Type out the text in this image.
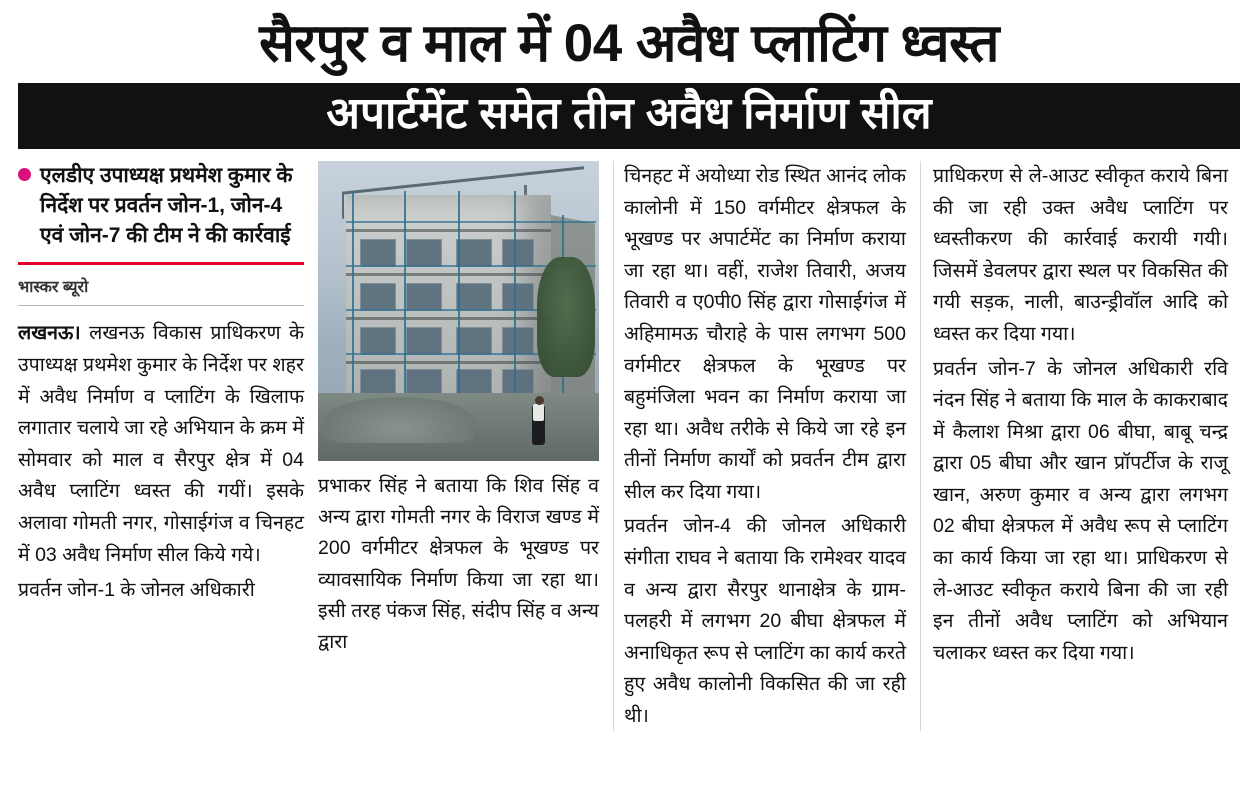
सैरपुर व माल में 04 अवैध प्लाटिंग ध्वस्त
अपार्टमेंट समेत तीन अवैध निर्माण सील
एलडीए उपाध्यक्ष प्रथमेश कुमार के निर्देश पर प्रवर्तन जोन-1, जोन-4 एवं जोन-7 की टीम ने की कार्रवाई
भास्कर ब्यूरो

लखनऊ। लखनऊ विकास प्राधिकरण के उपाध्यक्ष प्रथमेश कुमार के निर्देश पर शहर में अवैध निर्माण व प्लाटिंग के खिलाफ लगातार चलाये जा रहे अभियान के क्रम में सोमवार को माल व सैरपुर क्षेत्र में 04 अवैध प्लाटिंग ध्वस्त की गयीं। इसके अलावा गोमती नगर, गोसाईगंज व चिनहट में 03 अवैध निर्माण सील किये गये।

प्रवर्तन जोन-1 के जोनल अधिकारी

प्रभाकर सिंह ने बताया कि शिव सिंह व अन्य द्वारा गोमती नगर के विराज खण्ड में 200 वर्गमीटर क्षेत्रफल के भूखण्ड पर व्यावसायिक निर्माण किया जा रहा था। इसी तरह पंकज सिंह, संदीप सिंह व अन्य द्वारा

चिनहट में अयोध्या रोड स्थित आनंद लोक कालोनी में 150 वर्गमीटर क्षेत्रफल के भूखण्ड पर अपार्टमेंट का निर्माण कराया जा रहा था। वहीं, राजेश तिवारी, अजय तिवारी व ए0पी0 सिंह द्वारा गोसाईगंज में अहिमामऊ चौराहे के पास लगभग 500 वर्गमीटर क्षेत्रफल के भूखण्ड पर बहुमंजिला भवन का निर्माण कराया जा रहा था। अवैध तरीके से किये जा रहे इन तीनों निर्माण कार्यों को प्रवर्तन टीम द्वारा सील कर दिया गया।

प्रवर्तन जोन-4 की जोनल अधिकारी संगीता राघव ने बताया कि रामेश्वर यादव व अन्य द्वारा सैरपुर थानाक्षेत्र के ग्राम-पलहरी में लगभग 20 बीघा क्षेत्रफल में अनाधिकृत रूप से प्लाटिंग का कार्य करते हुए अवैध कालोनी विकसित की जा रही थी।

प्राधिकरण से ले-आउट स्वीकृत कराये बिना की जा रही उक्त अवैध प्लाटिंग पर ध्वस्तीकरण की कार्रवाई करायी गयी। जिसमें डेवलपर द्वारा स्थल पर विकसित की गयी सड़क, नाली, बाउन्ड्रीवॉल आदि को ध्वस्त कर दिया गया।

प्रवर्तन जोन-7 के जोनल अधिकारी रवि नंदन सिंह ने बताया कि माल के काकराबाद में कैलाश मिश्रा द्वारा 06 बीघा, बाबू चन्द्र द्वारा 05 बीघा और खान प्रॉपर्टीज के राजू खान, अरुण कुमार व अन्य द्वारा लगभग 02 बीघा क्षेत्रफल में अवैध रूप से प्लाटिंग का कार्य किया जा रहा था। प्राधिकरण से ले-आउट स्वीकृत कराये बिना की जा रही इन तीनों अवैध प्लाटिंग को अभियान चलाकर ध्वस्त कर दिया गया।
